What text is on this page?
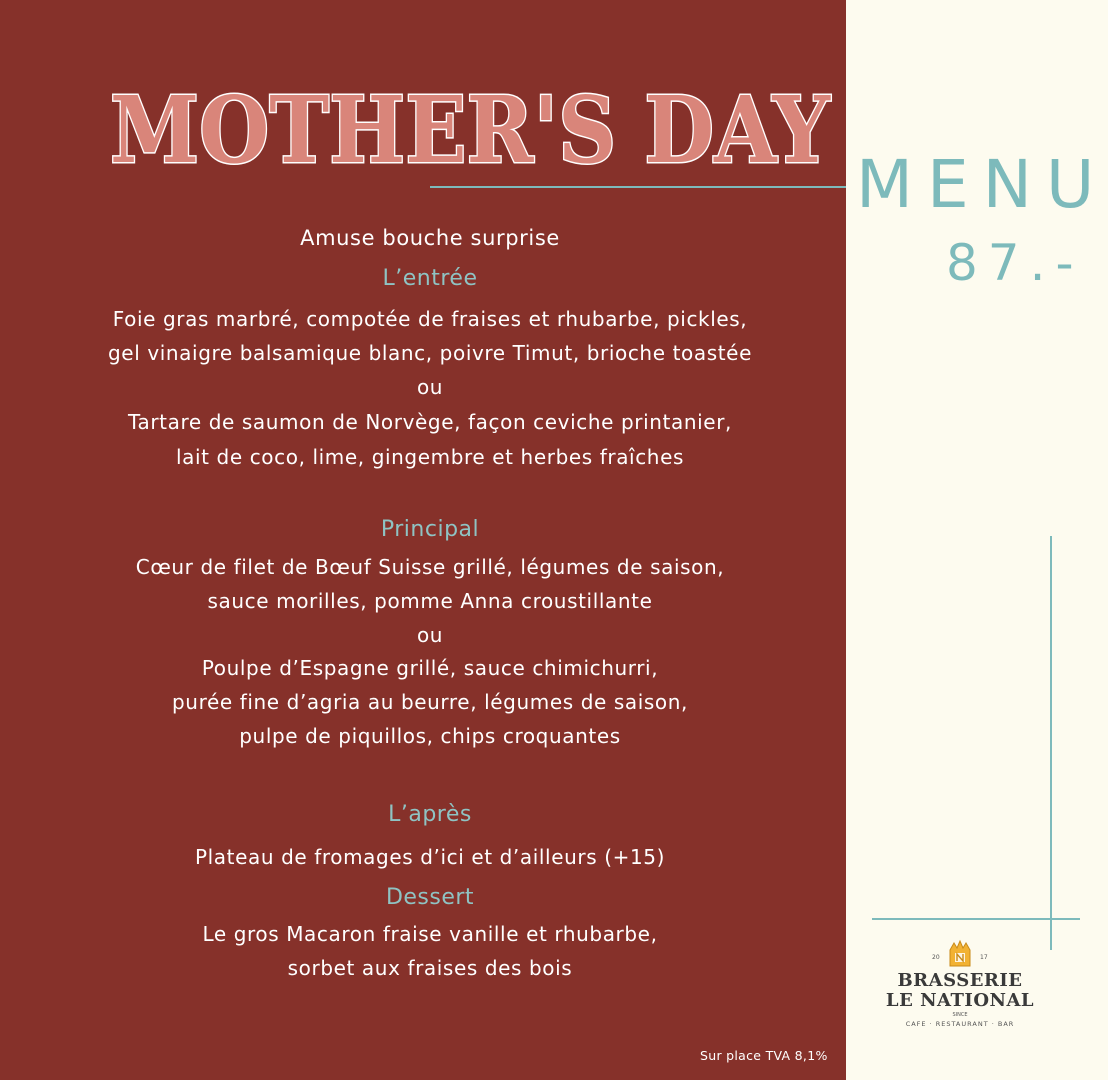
MOTHER'S DAY
MENU
87.-
Amuse bouche surprise
L’entrée
Foie gras marbré, compotée de fraises et rhubarbe, pickles,
gel vinaigre balsamique blanc, poivre Timut, brioche toastée
ou
Tartare de saumon de Norvège, façon ceviche printanier,
lait de coco, lime, gingembre et herbes fraîches
Principal
Cœur de filet de Bœuf Suisse grillé, légumes de saison,
sauce morilles, pomme Anna croustillante
ou
Poulpe d’Espagne grillé, sauce chimichurri,
purée fine d’agria au beurre, légumes de saison,
pulpe de piquillos, chips croquantes
L’après
Plateau de fromages d’ici et d’ailleurs (+15)
Dessert
Le gros Macaron fraise vanille et rhubarbe,
sorbet aux fraises des bois
Sur place TVA 8,1%
20	17
BRASSERIE
LE NATIONAL
SINCE
CAFE · RESTAURANT · BAR
